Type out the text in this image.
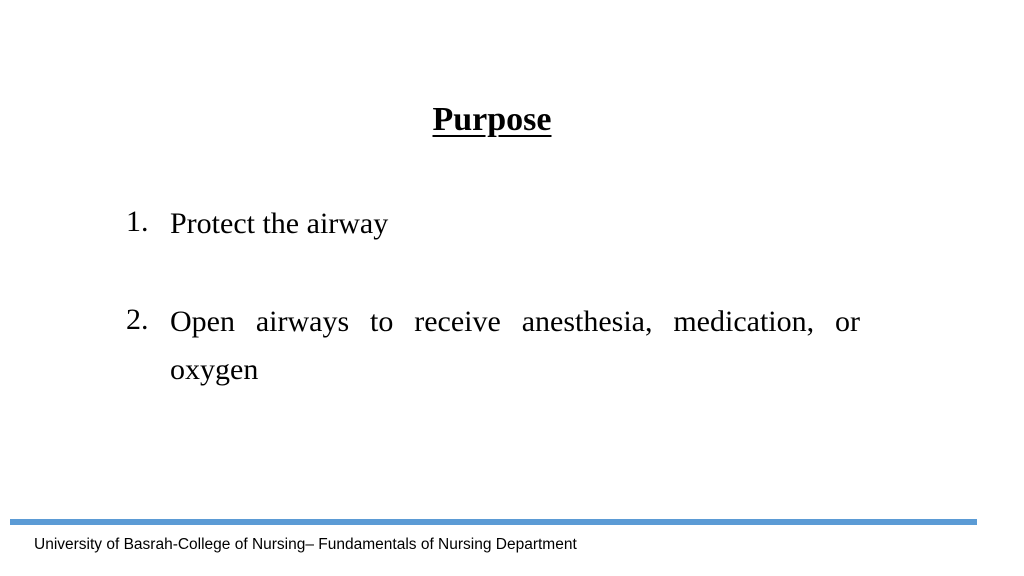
Purpose
1. Protect the airway
2. Open airways to receive anesthesia, medication, or oxygen
University of Basrah-College of Nursing– Fundamentals of Nursing Department
